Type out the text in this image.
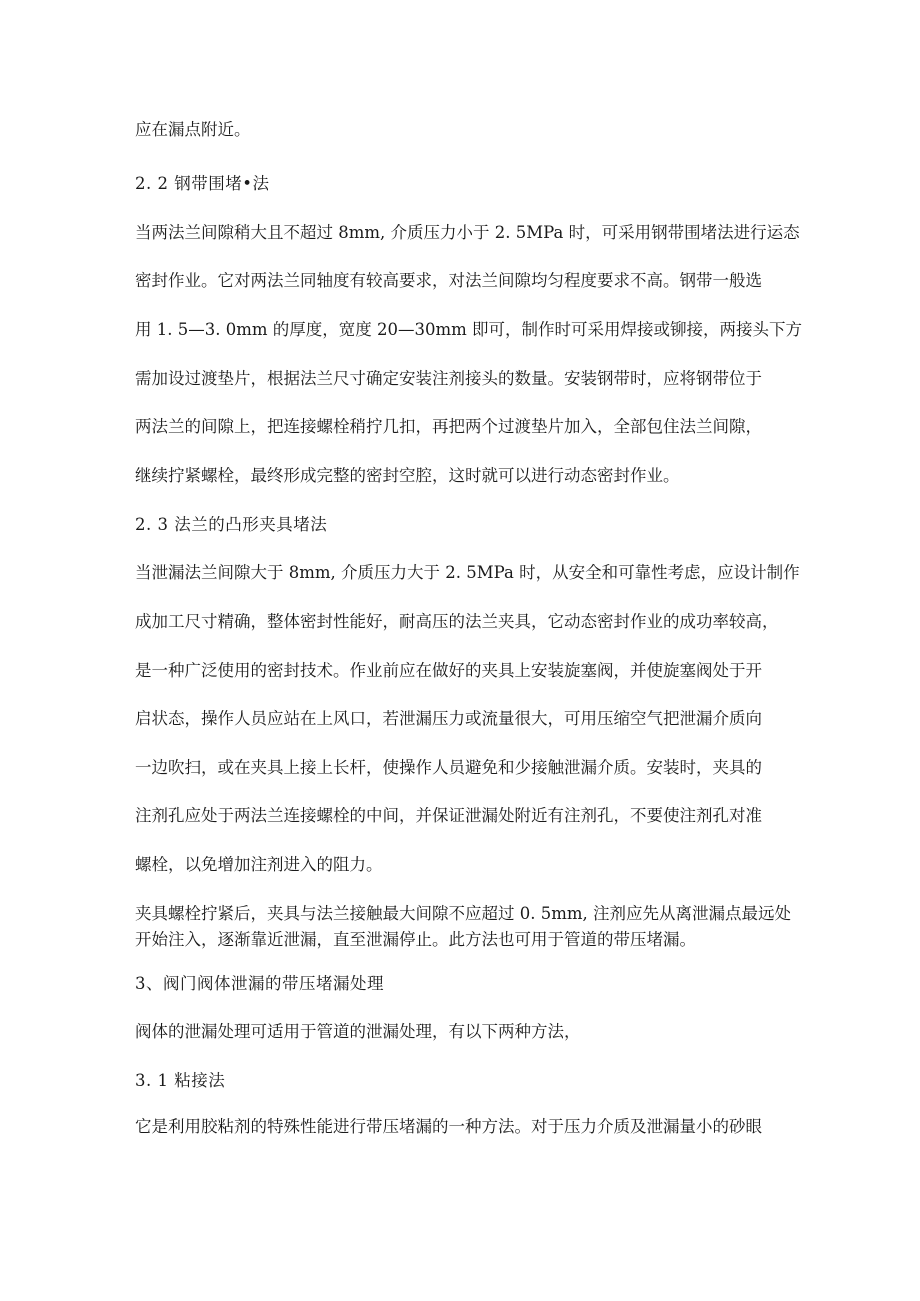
应在漏点附近。
2. 2 钢带围堵•法
当两法兰间隙稍大且不超过 8mm, 介质压力小于 2. 5MPa 时，可采用钢带围堵法进行运态
密封作业。它对两法兰同轴度有较高要求，对法兰间隙均匀程度要求不高。钢带一般选
用 1. 5—3. 0mm 的厚度，宽度 20—30mm 即可，制作时可采用焊接或铆接，两接头下方
需加设过渡垫片，根据法兰尺寸确定安装注剂接头的数量。安装钢带时，应将钢带位于
两法兰的间隙上，把连接螺栓稍拧几扣，再把两个过渡垫片加入，全部包住法兰间隙，
继续拧紧螺栓，最终形成完整的密封空腔，这时就可以进行动态密封作业。
2. 3 法兰的凸形夹具堵法
当泄漏法兰间隙大于 8mm, 介质压力大于 2. 5MPa 时，从安全和可靠性考虑，应设计制作
成加工尺寸精确，整体密封性能好，耐高压的法兰夹具，它动态密封作业的成功率较高，
是一种广泛使用的密封技术。作业前应在做好的夹具上安装旋塞阀，并使旋塞阀处于开
启状态，操作人员应站在上风口，若泄漏压力或流量很大，可用压缩空气把泄漏介质向
一边吹扫，或在夹具上接上长杆，使操作人员避免和少接触泄漏介质。安装时，夹具的
注剂孔应处于两法兰连接螺栓的中间，并保证泄漏处附近有注剂孔，不要使注剂孔对准
螺栓，以免增加注剂进入的阻力。
夹具螺栓拧紧后，夹具与法兰接触最大间隙不应超过 0. 5mm, 注剂应先从离泄漏点最远处
开始注入，逐渐靠近泄漏，直至泄漏停止。此方法也可用于管道的带压堵漏。
3、阀门阀体泄漏的带压堵漏处理
阀体的泄漏处理可适用于管道的泄漏处理，有以下两种方法，
3. 1 粘接法
它是利用胶粘剂的特殊性能进行带压堵漏的一种方法。对于压力介质及泄漏量小的砂眼
